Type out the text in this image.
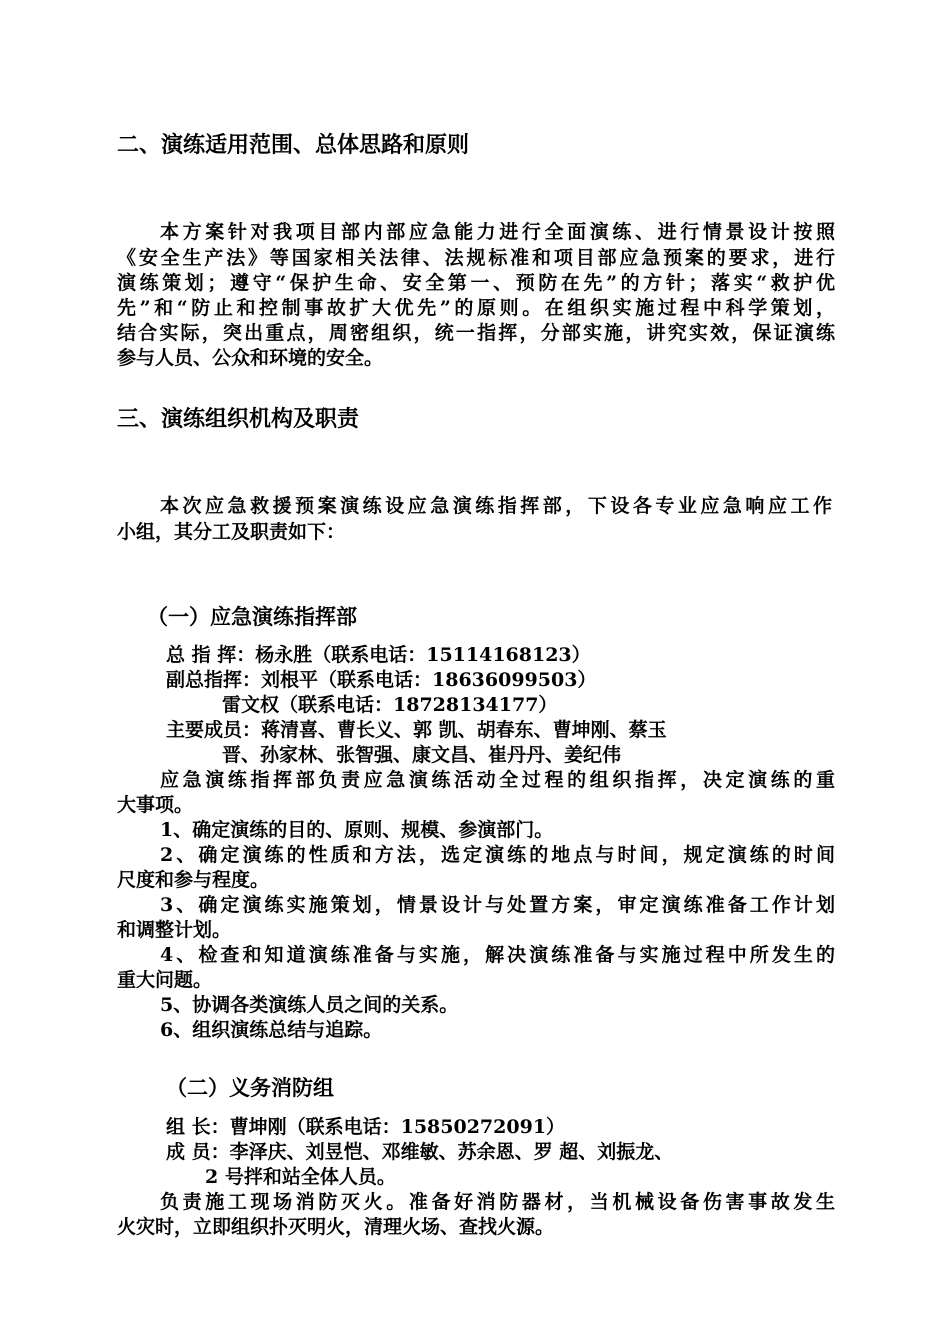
二、演练适用范围、总体思路和原则
本方案针对我项目部内部应急能力进行全面演练、进行情景设计按照
《安全生产法》等国家相关法律、法规标准和项目部应急预案的要求，进行
演练策划；遵守“保护生命、安全第一、预防在先”的方针；落实“救护优
先”和“防止和控制事故扩大优先”的原则。在组织实施过程中科学策划，
结合实际，突出重点，周密组织，统一指挥，分部实施，讲究实效，保证演练
参与人员、公众和环境的安全。
三、演练组织机构及职责
本次应急救援预案演练设应急演练指挥部，下设各专业应急响应工作
小组，其分工及职责如下：
（一）应急演练指挥部
总 指 挥：杨永胜（联系电话：15114168123）
副总指挥：刘根平（联系电话：18636099503）
雷文权（联系电话：18728134177）
主要成员：蒋清喜、曹长义、郭 凯、胡春东、曹坤刚、蔡玉
晋、孙家林、张智强、康文昌、崔丹丹、姜纪伟
应急演练指挥部负责应急演练活动全过程的组织指挥，决定演练的重
大事项。
1、确定演练的目的、原则、规模、参演部门。
2、确定演练的性质和方法，选定演练的地点与时间，规定演练的时间
尺度和参与程度。
3、确定演练实施策划，情景设计与处置方案，审定演练准备工作计划
和调整计划。
4、检查和知道演练准备与实施，解决演练准备与实施过程中所发生的
重大问题。
5、协调各类演练人员之间的关系。
6、组织演练总结与追踪。
（二）义务消防组
组 长：曹坤刚（联系电话：15850272091）
成 员：李泽庆、刘昱恺、邓维敏、苏余恩、罗 超、刘振龙、
2 号拌和站全体人员。
负责施工现场消防灭火。准备好消防器材，当机械设备伤害事故发生
火灾时，立即组织扑灭明火，清理火场、查找火源。
